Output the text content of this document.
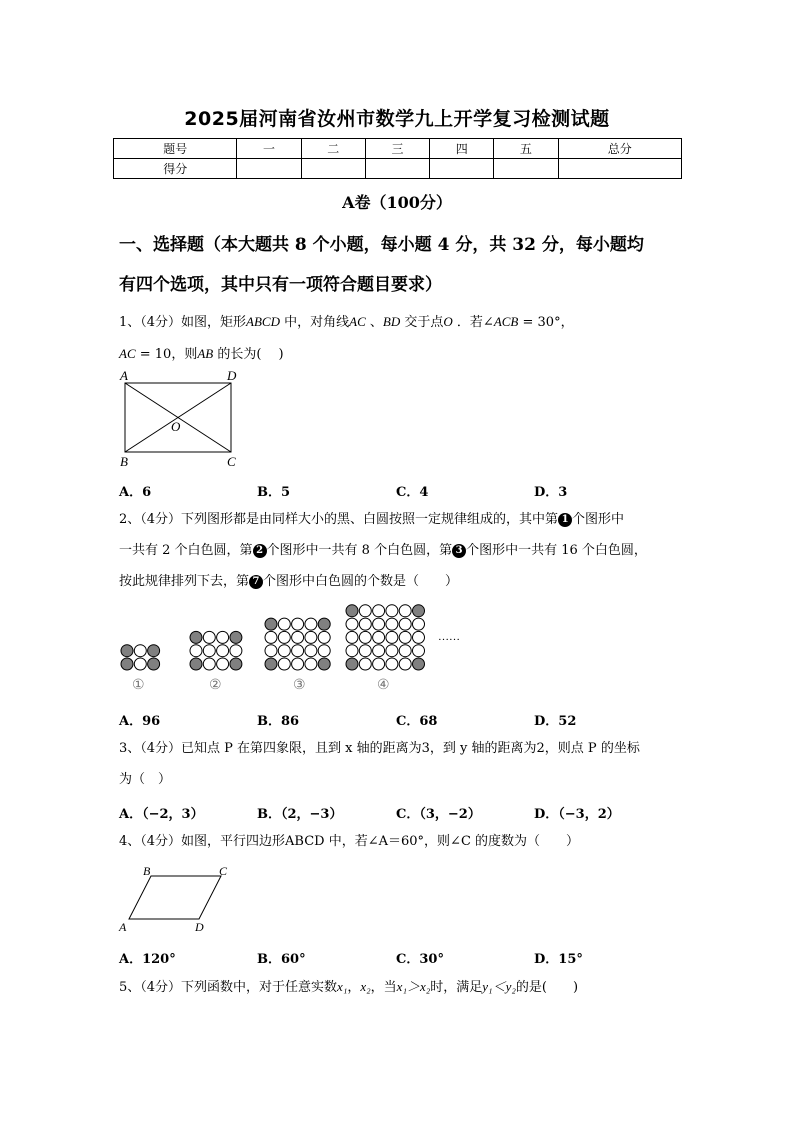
2025届河南省汝州市数学九上开学复习检测试题
题号	一	二	三	四	五	总分
得分						
A卷（100分）
一、选择题（本大题共 8 个小题，每小题 4 分，共 32 分，每小题均
有四个选项，其中只有一项符合题目要求）
1、（4分）如图，矩形ABCD 中，对角线AC 、BD 交于点O ．若∠ACB = 30°，
AC = 10，则AB 的长为(　 )
A	D
B	C
O
A．6	B．5	C．4	D．3
2、（4分）下列图形都是由同样大小的黑、白圆按照一定规律组成的，其中第 1 个图形中
一共有 2 个白色圆，第 2 个图形中一共有 8 个白色圆，第 3 个图形中一共有 16 个白色圆，
按此规律排列下去，第 7 个图形中白色圆的个数是（　　）
……
①	②	③	④
A．96	B．86	C．68	D．52
3、（4分）已知点 P 在第四象限，且到 x 轴的距离为3，到 y 轴的距离为2，则点 P 的坐标
为（　）
A．（−2，3）	B．（2，−3）	C．（3，−2）	D．（−3，2）
4、（4分）如图，平行四边形ABCD 中，若∠A＝60°，则∠C 的度数为（　　）
B	C
A	D
A．120°	B．60°	C．30°	D．15°
5、（4分）下列函数中，对于任意实数x₁，x₂，当x₁＞x₂时，满足y₁＜y₂的是(　　)
